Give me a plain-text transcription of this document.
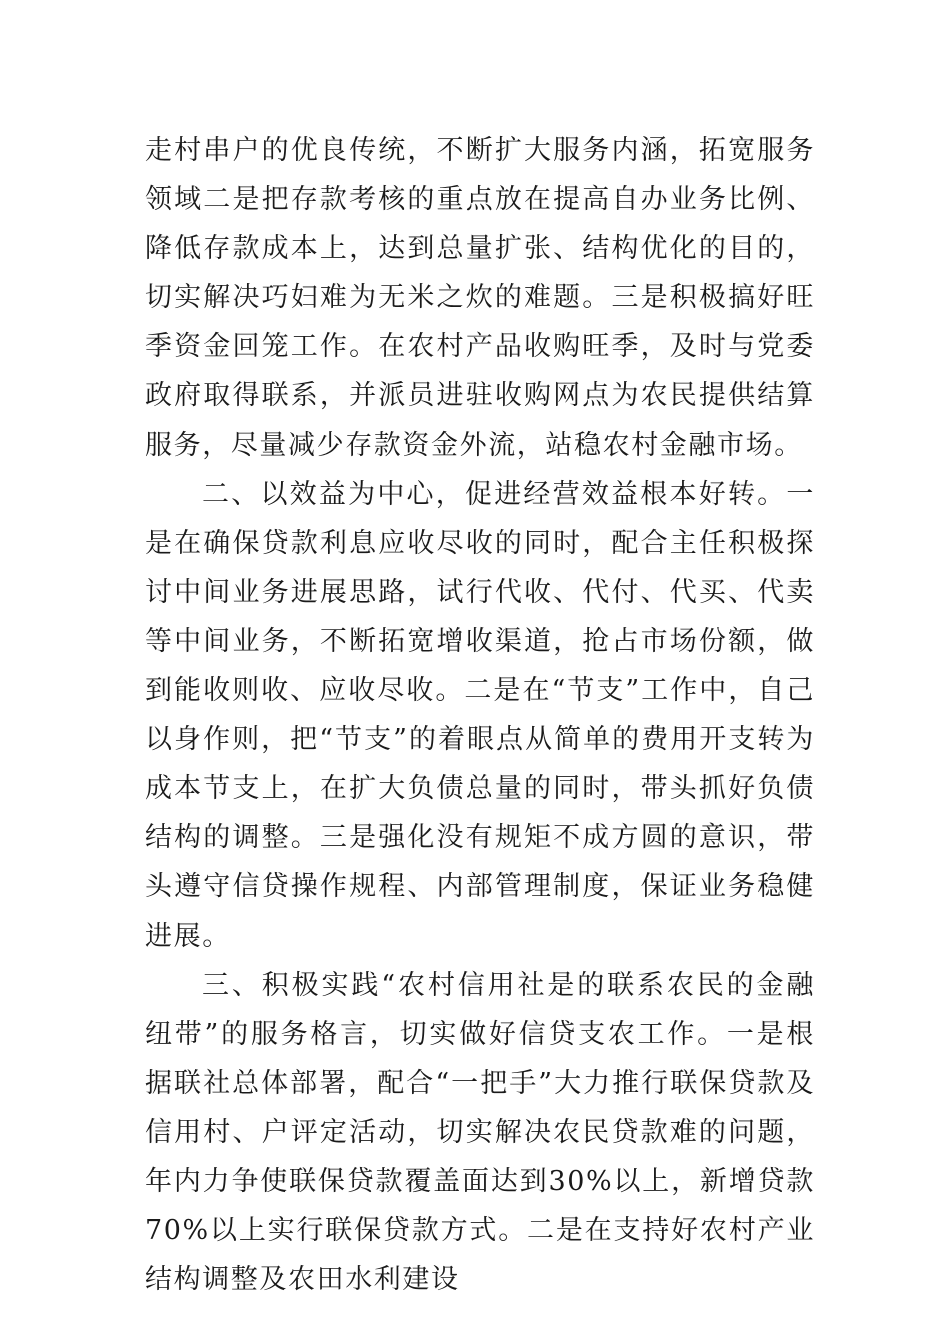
走村串户的优良传统，不断扩大服务内涵，拓宽服务领域二是把存款考核的重点放在提高自办业务比例、降低存款成本上，达到总量扩张、结构优化的目的，切实解决巧妇难为无米之炊的难题。三是积极搞好旺季资金回笼工作。在农村产品收购旺季，及时与党委政府取得联系，并派员进驻收购网点为农民提供结算服务，尽量减少存款资金外流，站稳农村金融市场。

二、以效益为中心，促进经营效益根本好转。一是在确保贷款利息应收尽收的同时，配合主任积极探讨中间业务进展思路，试行代收、代付、代买、代卖等中间业务，不断拓宽增收渠道，抢占市场份额，做到能收则收、应收尽收。二是在“节支”工作中，自己以身作则，把“节支”的着眼点从简单的费用开支转为成本节支上，在扩大负债总量的同时，带头抓好负债结构的调整。三是强化没有规矩不成方圆的意识，带头遵守信贷操作规程、内部管理制度，保证业务稳健进展。

三、积极实践“农村信用社是的联系农民的金融纽带”的服务格言，切实做好信贷支农工作。一是根据联社总体部署，配合“一把手”大力推行联保贷款及信用村、户评定活动，切实解决农民贷款难的问题，年内力争使联保贷款覆盖面达到30%以上，新增贷款70%以上实行联保贷款方式。二是在支持好农村产业结构调整及农田水利建设
